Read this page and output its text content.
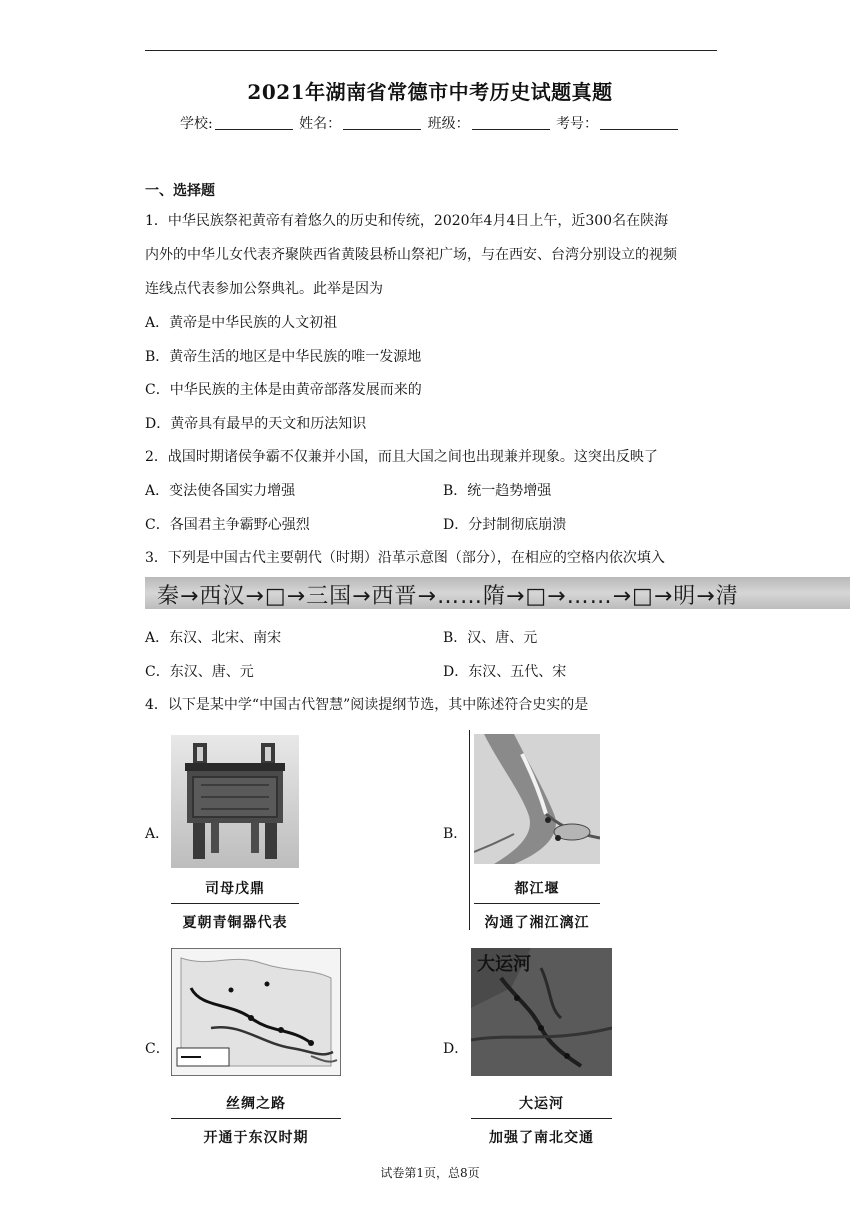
2021年湖南省常德市中考历史试题真题
学校:	姓名：	班级：	考号：
一、选择题
1．中华民族祭祀黄帝有着悠久的历史和传统，2020年4月4日上午，近300名在陕海
内外的中华儿女代表齐聚陕西省黄陵县桥山祭祀广场，与在西安、台湾分别设立的视频
连线点代表参加公祭典礼。此举是因为
A．黄帝是中华民族的人文初祖
B．黄帝生活的地区是中华民族的唯一发源地
C．中华民族的主体是由黄帝部落发展而来的
D．黄帝具有最早的天文和历法知识
2．战国时期诸侯争霸不仅兼并小国，而且大国之间也出现兼并现象。这突出反映了
A．变法使各国实力增强	B．统一趋势增强
C．各国君主争霸野心强烈	D．分封制彻底崩溃
3．下列是中国古代主要朝代（时期）沿革示意图（部分），在相应的空格内依次填入
秦→西汉→□→三国→西晋→……隋→□→……→□→明→清
A．东汉、北宋、南宋	B．汉、唐、元
C．东汉、唐、元	D．东汉、五代、宋
4．以下是某中学“中国古代智慧”阅读提纲节选，其中陈述符合史实的是
A．
司母戊鼎
夏朝青铜器代表
B．
都江堰
沟通了湘江漓江
C．
丝绸之路
开通于东汉时期
D．
大运河
大运河
加强了南北交通
试卷第1页，总8页
